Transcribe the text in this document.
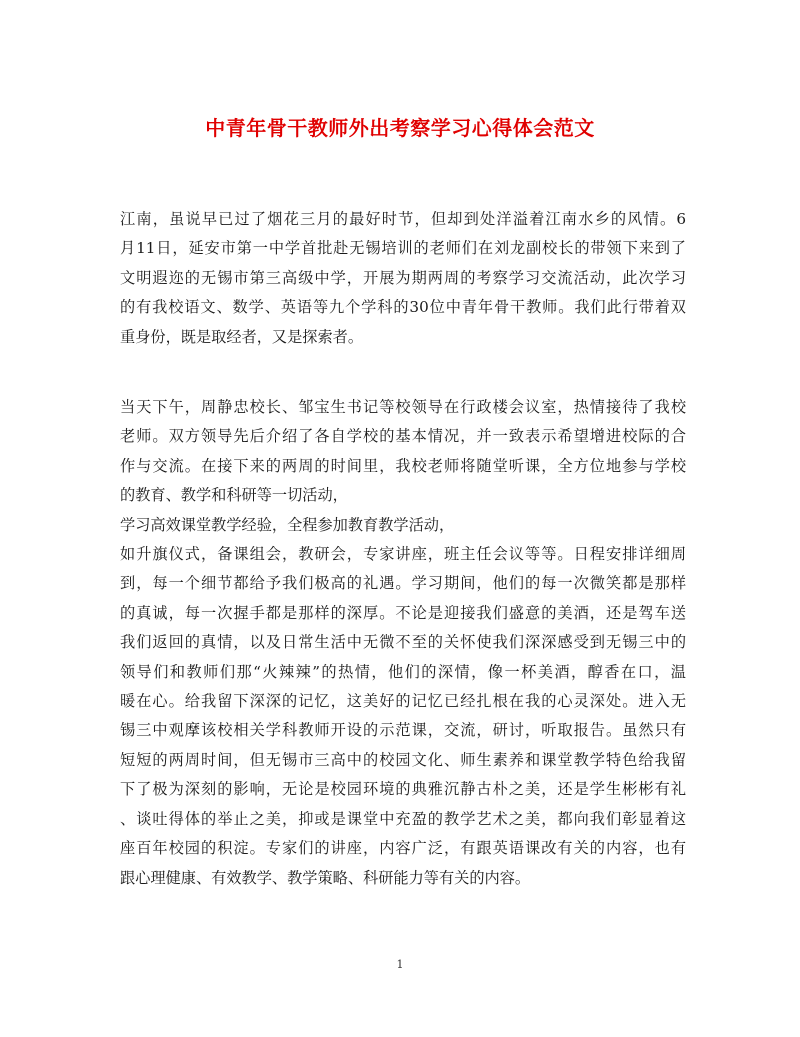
中青年骨干教师外出考察学习心得体会范文
江南，虽说早已过了烟花三月的最好时节，但却到处洋溢着江南水乡的风情。6
月11日，延安市第一中学首批赴无锡培训的老师们在刘龙副校长的带领下来到了
文明遐迩的无锡市第三高级中学，开展为期两周的考察学习交流活动，此次学习
的有我校语文、数学、英语等九个学科的30位中青年骨干教师。我们此行带着双
重身份，既是取经者，又是探索者。
当天下午，周静忠校长、邹宝生书记等校领导在行政楼会议室，热情接待了我校
老师。双方领导先后介绍了各自学校的基本情况，并一致表示希望增进校际的合
作与交流。在接下来的两周的时间里，我校老师将随堂听课，全方位地参与学校
的教育、教学和科研等一切活动，
学习高效课堂教学经验，全程参加教育教学活动，
如升旗仪式，备课组会，教研会，专家讲座，班主任会议等等。日程安排详细周
到，每一个细节都给予我们极高的礼遇。学习期间，他们的每一次微笑都是那样
的真诚，每一次握手都是那样的深厚。不论是迎接我们盛意的美酒，还是驾车送
我们返回的真情，以及日常生活中无微不至的关怀使我们深深感受到无锡三中的
领导们和教师们那“火辣辣”的热情，他们的深情，像一杯美酒，醇香在口，温
暖在心。给我留下深深的记忆，这美好的记忆已经扎根在我的心灵深处。进入无
锡三中观摩该校相关学科教师开设的示范课，交流，研讨，听取报告。虽然只有
短短的两周时间，但无锡市三高中的校园文化、师生素养和课堂教学特色给我留
下了极为深刻的影响，无论是校园环境的典雅沉静古朴之美，还是学生彬彬有礼
、谈吐得体的举止之美，抑或是课堂中充盈的教学艺术之美，都向我们彰显着这
座百年校园的积淀。专家们的讲座，内容广泛，有跟英语课改有关的内容，也有
跟心理健康、有效教学、教学策略、科研能力等有关的内容。
1
